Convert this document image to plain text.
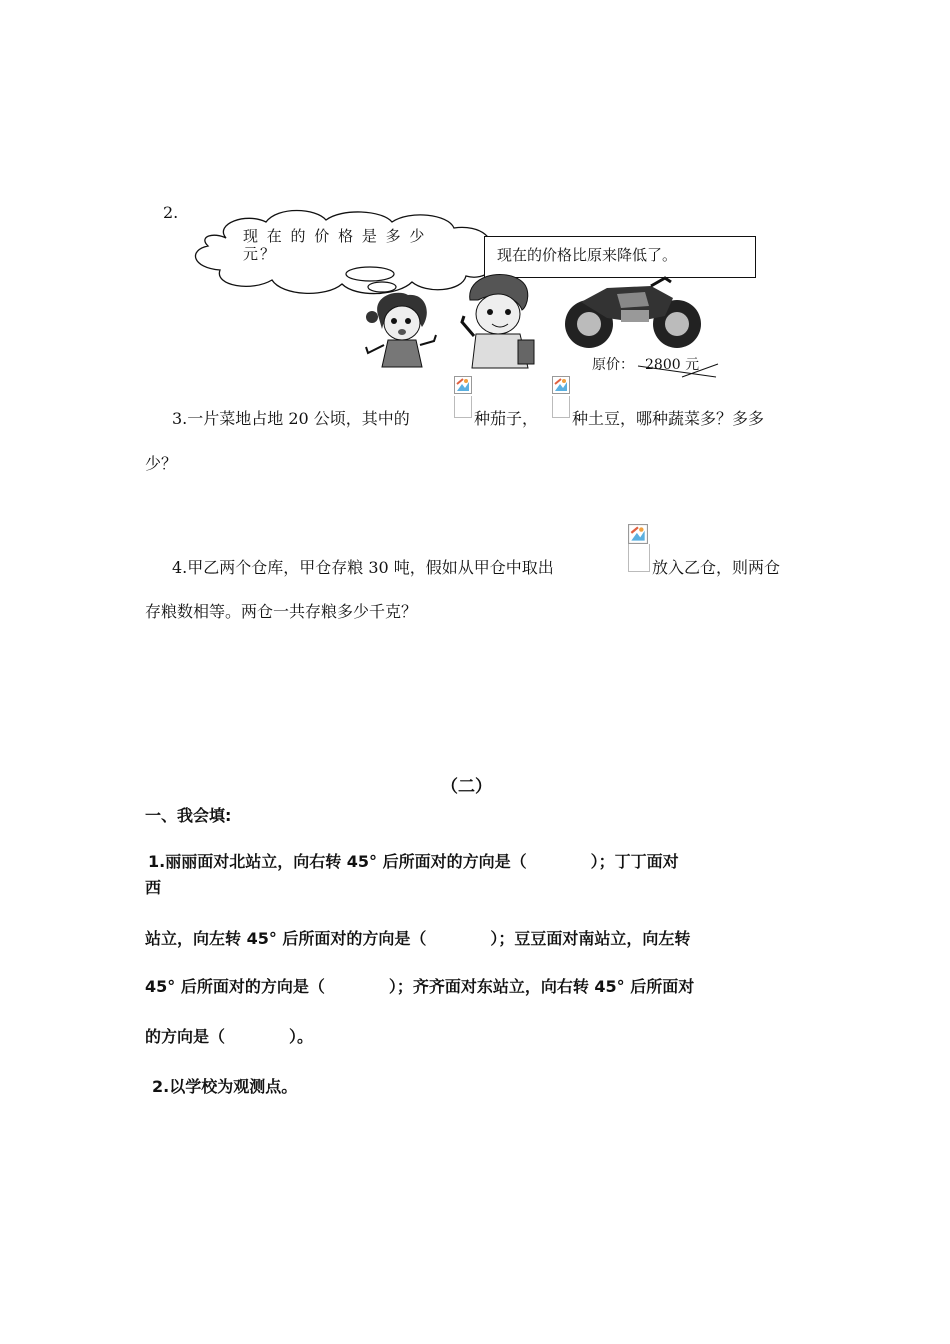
2.
现 在 的 价 格 是 多 少 元？	现在的价格比原来降低了。
原价： 2800 元
3.一片菜地占地 20 公顷，其中的	种茄子， 种土豆，哪种蔬菜多？多多
少？
4.甲乙两个仓库，甲仓存粮 30 吨，假如从甲仓中取出	放入乙仓，则两仓
存粮数相等。两仓一共存粮多少千克？
（二）
一、我会填:
1.丽丽面对北站立，向右转 45° 后所面对的方向是（　　　　）；丁丁面对
西
站立，向左转 45° 后所面对的方向是（　　　　）；豆豆面对南站立，向左转
45° 后所面对的方向是（　　　　）；齐齐面对东站立，向右转 45° 后所面对
的方向是（　　　　）。
2.以学校为观测点。
